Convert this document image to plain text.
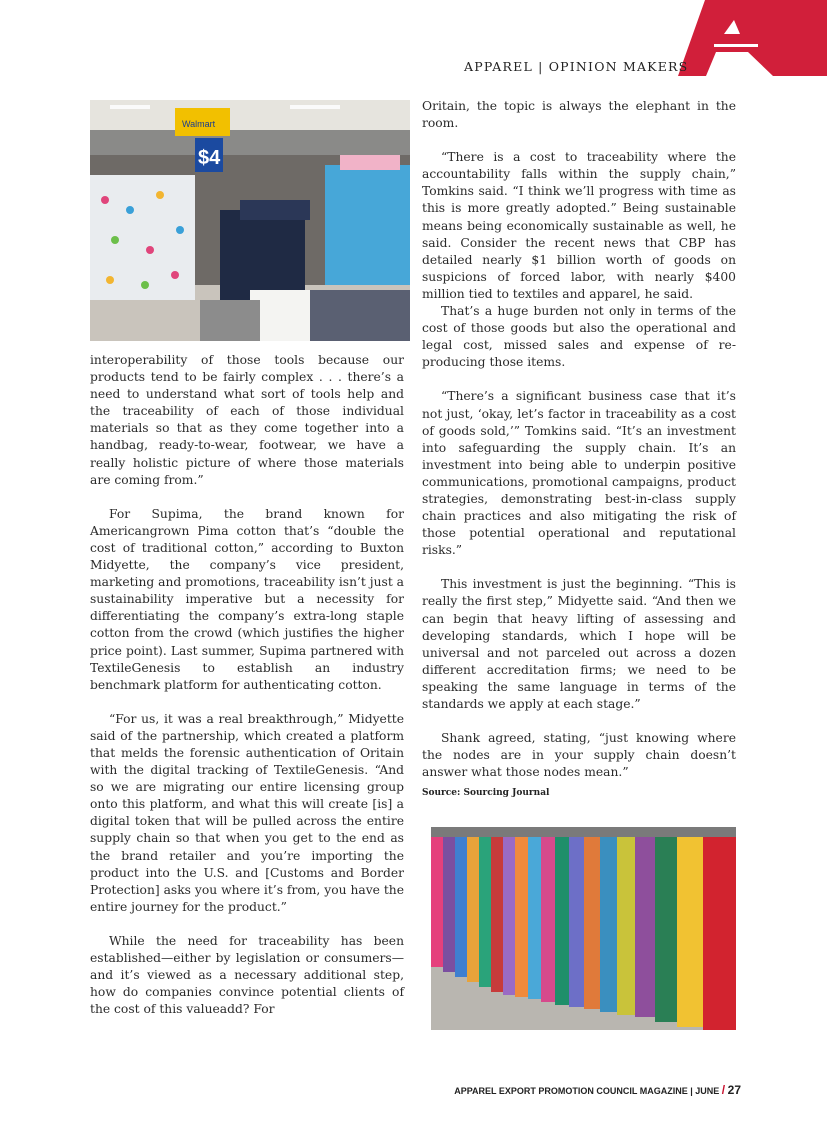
APPAREL | OPINION MAKERS
Walmart
$4

interoperability of those tools because our products tend to be fairly complex . . . there’s a need to understand what sort of tools help and the traceability of each of those individual materials so that as they come together into a handbag, ready-to-wear, footwear, we have a really holistic picture of where those materials are coming from.”

For Supima, the brand known for Americangrown Pima cotton that’s “double the cost of traditional cotton,” according to Buxton Midyette, the company’s vice president, marketing and promotions, traceability isn’t just a sustainability imperative but a necessity for differentiating the company’s extra-long staple cotton from the crowd (which justifies the higher price point). Last summer, Supima partnered with TextileGenesis to establish an industry benchmark platform for authenticating cotton.

“For us, it was a real breakthrough,” Midyette said of the partnership, which created a platform that melds the forensic authentication of Oritain with the digital tracking of TextileGenesis. “And so we are migrating our entire licensing group onto this platform, and what this will create [is] a digital token that will be pulled across the entire supply chain so that when you get to the end as the brand retailer and you’re importing the product into the U.S. and [Customs and Border Protection] asks you where it’s from, you have the entire journey for the product.”

While the need for traceability has been established—either by legislation or consumers—and it’s viewed as a necessary additional step, how do companies convince potential clients of the cost of this valueadd? For

Oritain, the topic is always the elephant in the room.

“There is a cost to traceability where the accountability falls within the supply chain,” Tomkins said. “I think we’ll progress with time as this is more greatly adopted.” Being sustainable means being economically sustainable as well, he said. Consider the recent news that CBP has detailed nearly $1 billion worth of goods on suspicions of forced labor, with nearly $400 million tied to textiles and apparel, he said.

That’s a huge burden not only in terms of the cost of those goods but also the operational and legal cost, missed sales and expense of re-producing those items.

“There’s a significant business case that it’s not just, ‘okay, let’s factor in traceability as a cost of goods sold,’” Tomkins said. “It’s an investment into safeguarding the supply chain. It’s an investment into being able to underpin positive communications, promotional campaigns, product strategies, demonstrating best-in-class supply chain practices and also mitigating the risk of those potential operational and reputational risks.”

This investment is just the beginning. “This is really the first step,” Midyette said. “And then we can begin that heavy lifting of assessing and developing standards, which I hope will be universal and not parceled out across a dozen different accreditation firms; we need to be speaking the same language in terms of the standards we apply at each stage.”

Shank agreed, stating, “just knowing where the nodes are in your supply chain doesn’t answer what those nodes mean.”

Source: Sourcing Journal
APPAREL EXPORT PROMOTION COUNCIL MAGAZINE | JUNE / 27
